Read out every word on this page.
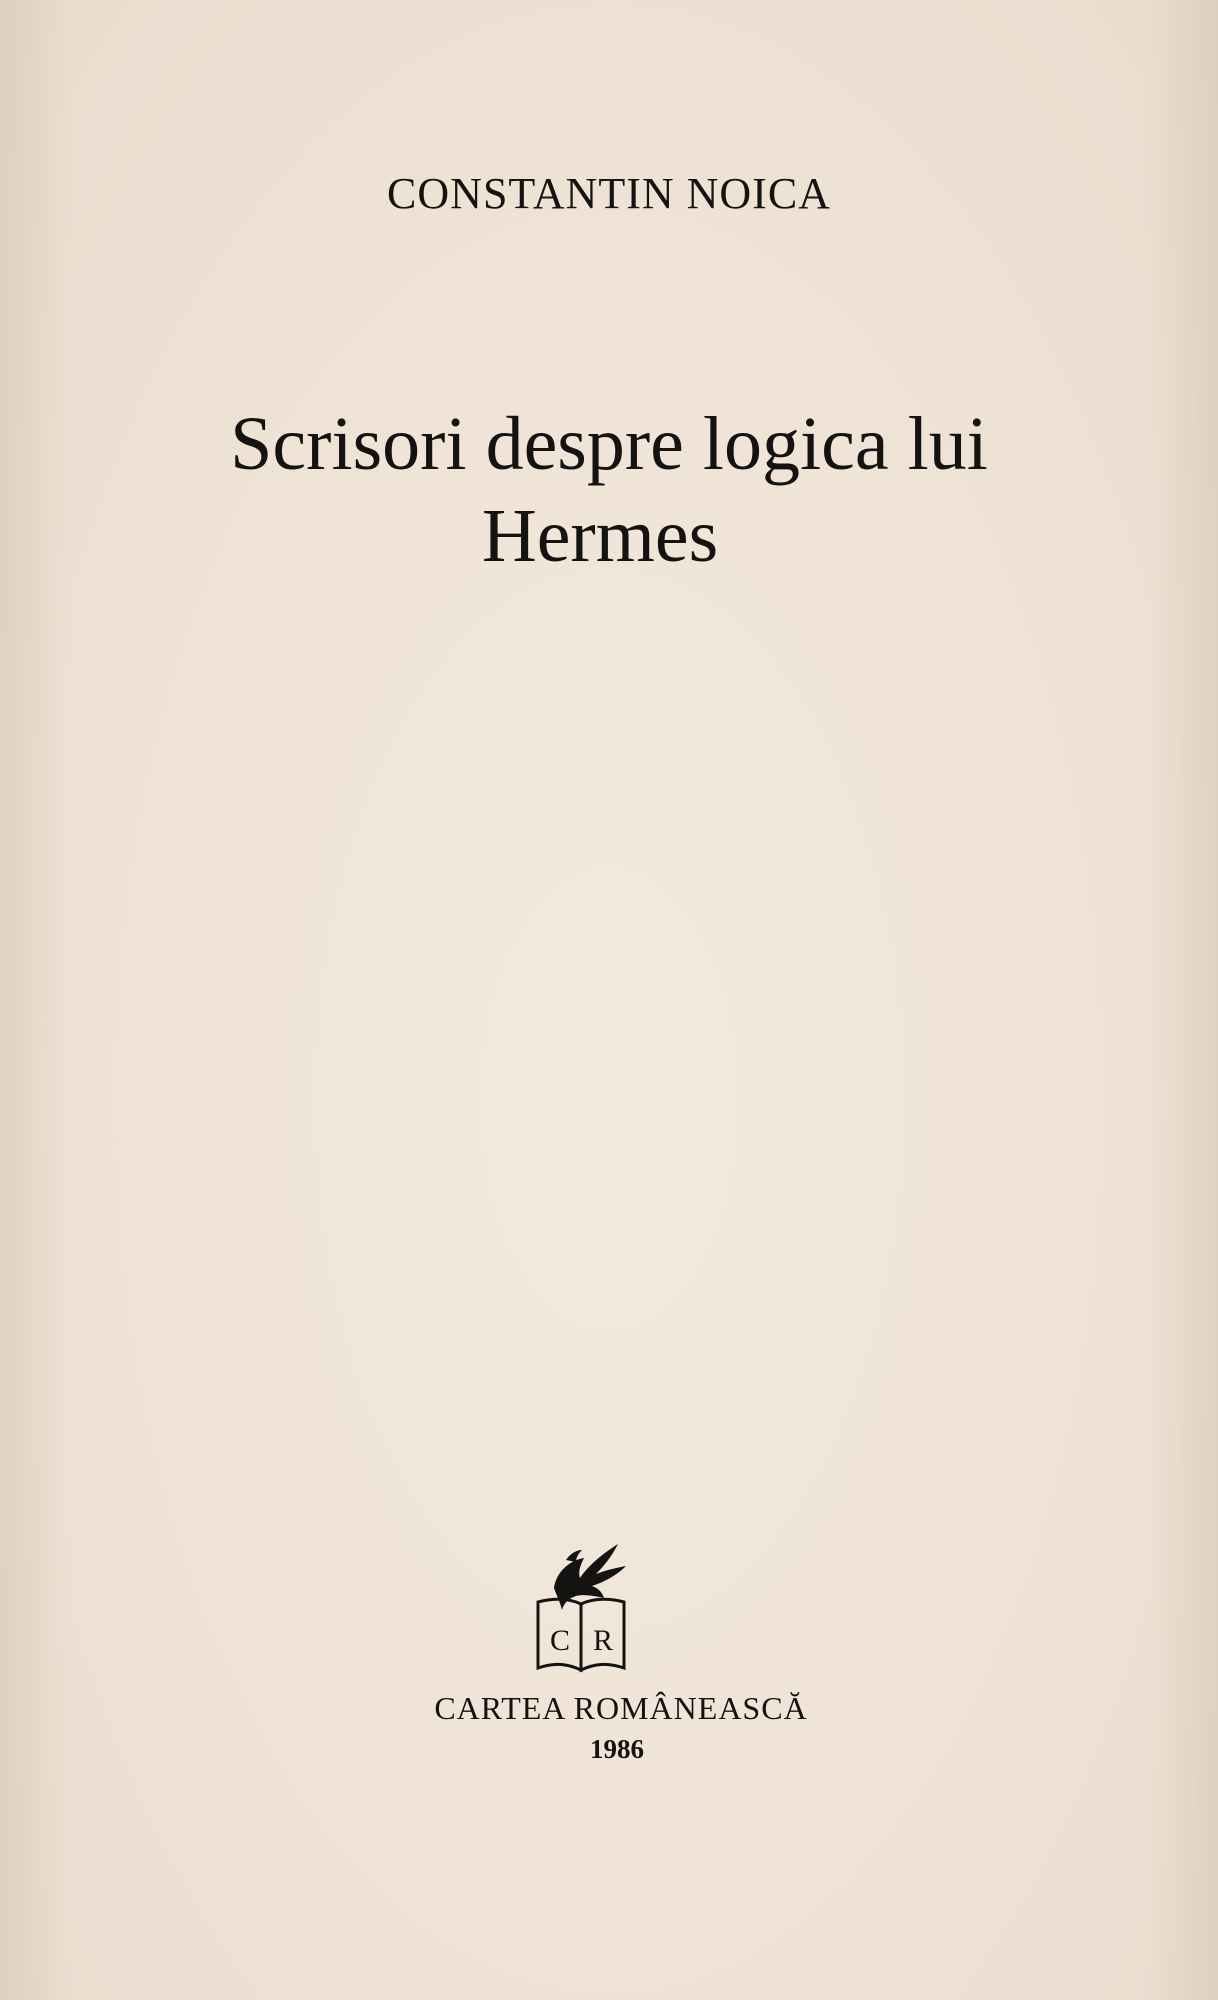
CONSTANTIN NOICA
Scrisori despre logica lui
Hermes
C R
CARTEA ROMÂNEASCĂ
1986
